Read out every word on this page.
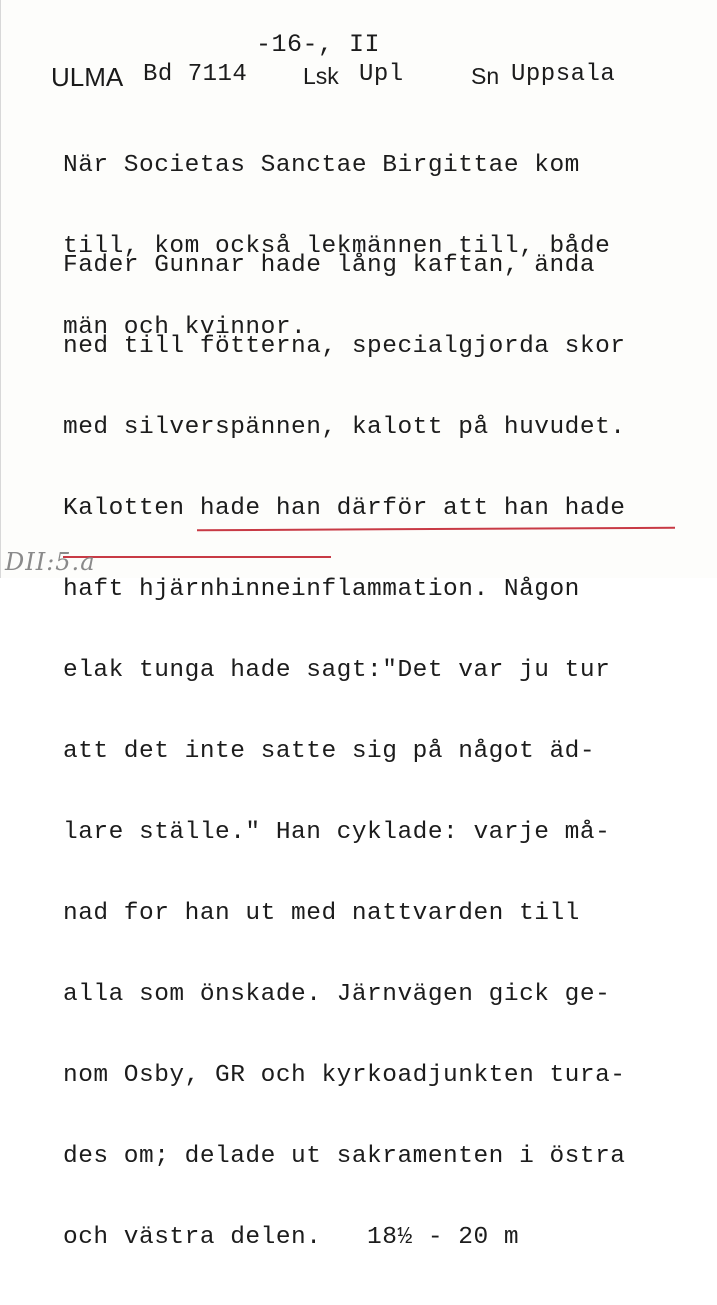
-16-, II
ULMA Bd 7114 Lsk Upl	Sn Uppsala

När Societas Sanctae Birgittae kom

till, kom också lekmännen till, både

män och kvinnor.

Fader Gunnar hade lång kaftan, ända

ned till fötterna, specialgjorda skor

med silverspännen, kalott på huvudet.

Kalotten hade han därför att han hade

haft hjärnhinneinflammation. Någon

elak tunga hade sagt:"Det var ju tur

att det inte satte sig på något äd-

lare ställe." Han cyklade: varje må-

nad for han ut med nattvarden till

alla som önskade. Järnvägen gick ge-

nom Osby, GR och kyrkoadjunkten tura-

des om; delade ut sakramenten i östra

och västra delen.   18½ - 20 m

DII:5.a
